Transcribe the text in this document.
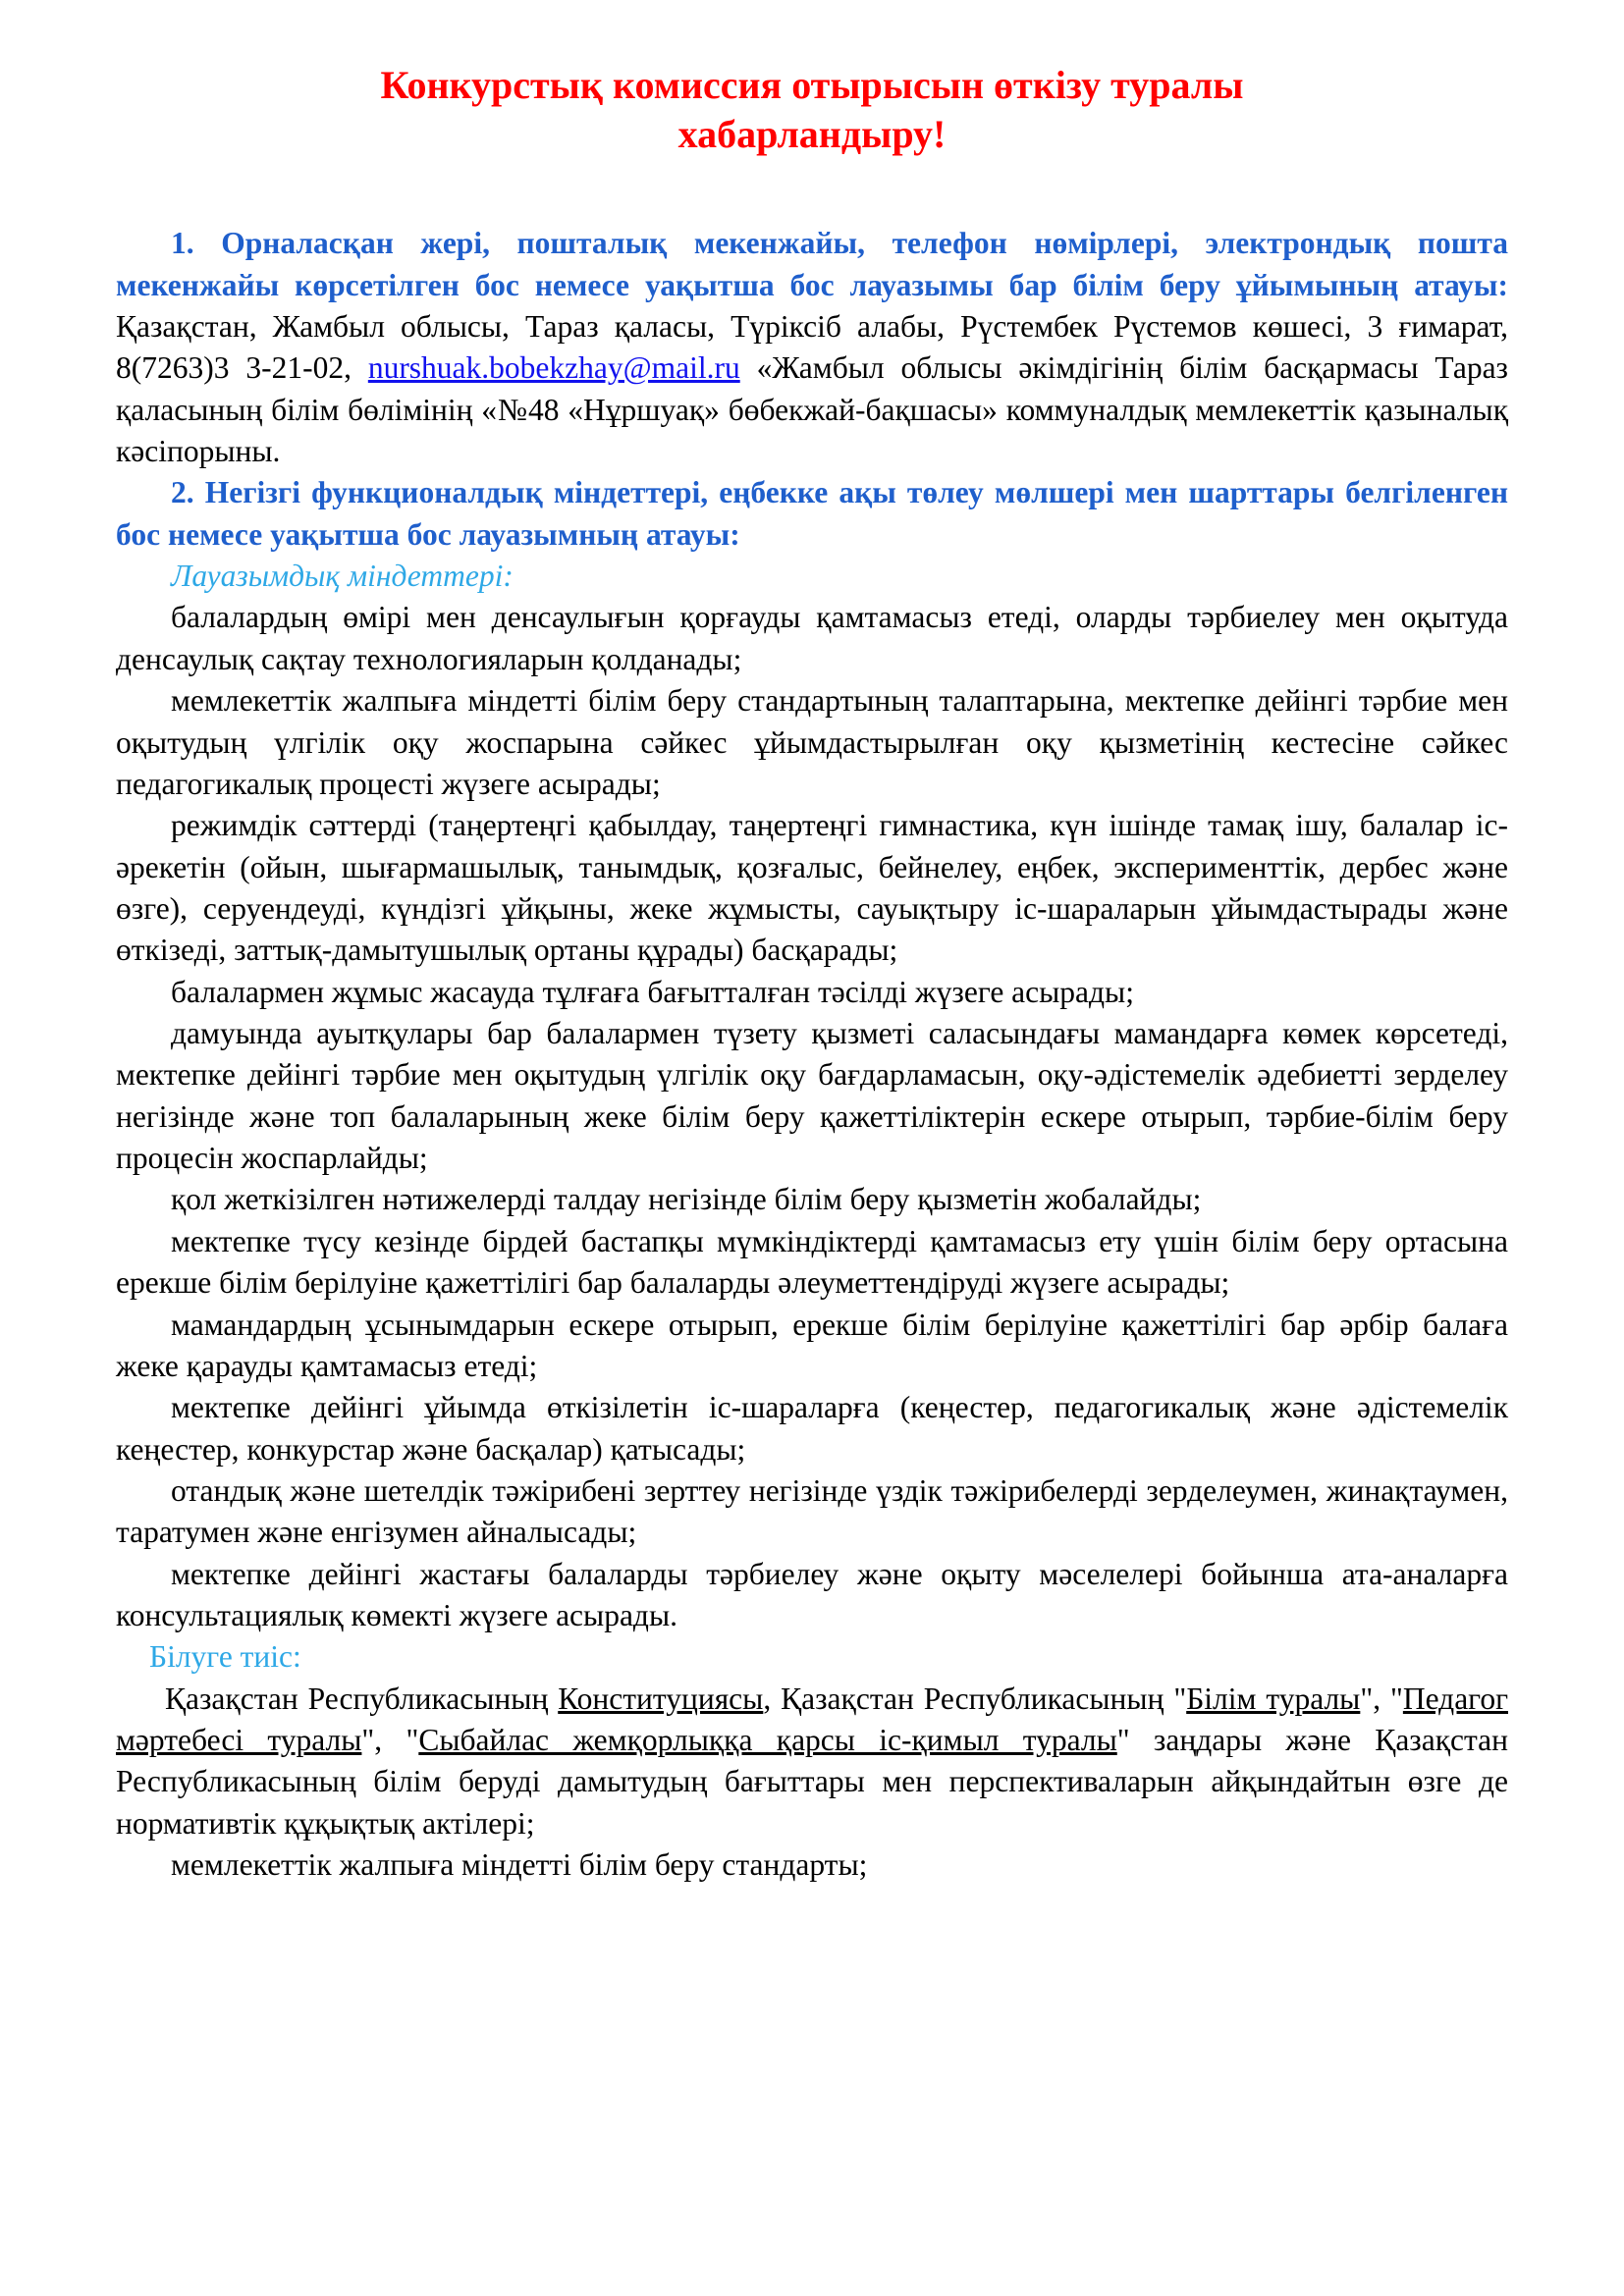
Конкурстық комиссия отырысын өткізу туралы
хабарландыру!

1. Орналасқан жері, пошталық мекенжайы, телефон нөмірлері, электрондық пошта мекенжайы көрсетілген бос немесе уақытша бос лауазымы бар білім беру ұйымының атауы: Қазақстан, Жамбыл облысы, Тараз қаласы, Түріксіб алабы, Рүстембек Рүстемов көшесі, 3 ғимарат, 8(7263)3 3-21-02, nurshuak.bobekzhay@mail.ru «Жамбыл облысы әкімдігінің білім басқармасы Тараз қаласының білім бөлімінің «№48 «Нұршуақ» бөбекжай-бақшасы» коммуналдық мемлекеттік қазыналық кәсіпорыны.

2. Негізгі функционалдық міндеттері, еңбекке ақы төлеу мөлшері мен шарттары белгіленген бос немесе уақытша бос лауазымның атауы:

Лауазымдық міндеттері:

балалардың өмірі мен денсаулығын қорғауды қамтамасыз етеді, оларды тәрбиелеу мен оқытуда денсаулық сақтау технологияларын қолданады;

мемлекеттік жалпыға міндетті білім беру стандартының талаптарына, мектепке дейінгі тәрбие мен оқытудың үлгілік оқу жоспарына сәйкес ұйымдастырылған оқу қызметінің кестесіне сәйкес педагогикалық процесті жүзеге асырады;

режимдік сәттерді (таңертеңгі қабылдау, таңертеңгі гимнастика, күн ішінде тамақ ішу, балалар іс-әрекетін (ойын, шығармашылық, танымдық, қозғалыс, бейнелеу, еңбек, эксперименттік, дербес және өзге), серуендеуді, күндізгі ұйқыны, жеке жұмысты, сауықтыру іс-шараларын ұйымдастырады және өткізеді, заттық-дамытушылық ортаны құрады) басқарады;

балалармен жұмыс жасауда тұлғаға бағытталған тәсілді жүзеге асырады;

дамуында ауытқулары бар балалармен түзету қызметі саласындағы мамандарға көмек көрсетеді, мектепке дейінгі тәрбие мен оқытудың үлгілік оқу бағдарламасын, оқу-әдістемелік әдебиетті зерделеу негізінде және топ балаларының жеке білім беру қажеттіліктерін ескере отырып, тәрбие-білім беру процесін жоспарлайды;

қол жеткізілген нәтижелерді талдау негізінде білім беру қызметін жобалайды;

мектепке түсу кезінде бірдей бастапқы мүмкіндіктерді қамтамасыз ету үшін білім беру ортасына ерекше білім берілуіне қажеттілігі бар балаларды әлеуметтендіруді жүзеге асырады;

мамандардың ұсынымдарын ескере отырып, ерекше білім берілуіне қажеттілігі бар әрбір балаға жеке қарауды қамтамасыз етеді;

мектепке дейінгі ұйымда өткізілетін іс-шараларға (кеңестер, педагогикалық және әдістемелік кеңестер, конкурстар және басқалар) қатысады;

отандық және шетелдік тәжірибені зерттеу негізінде үздік тәжірибелерді зерделеумен, жинақтаумен, таратумен және енгізумен айналысады;

мектепке дейінгі жастағы балаларды тәрбиелеу және оқыту мәселелері бойынша ата-аналарға консультациялық көмекті жүзеге асырады.

Білуге тиіс:

Қазақстан Республикасының Конституциясы, Қазақстан Республикасының "Білім туралы", "Педагог мәртебесі туралы", "Сыбайлас жемқорлыққа қарсы іс-қимыл туралы" заңдары және Қазақстан Республикасының білім беруді дамытудың бағыттары мен перспективаларын айқындайтын өзге де нормативтік құқықтық актілері;

мемлекеттік жалпыға міндетті білім беру стандарты;
